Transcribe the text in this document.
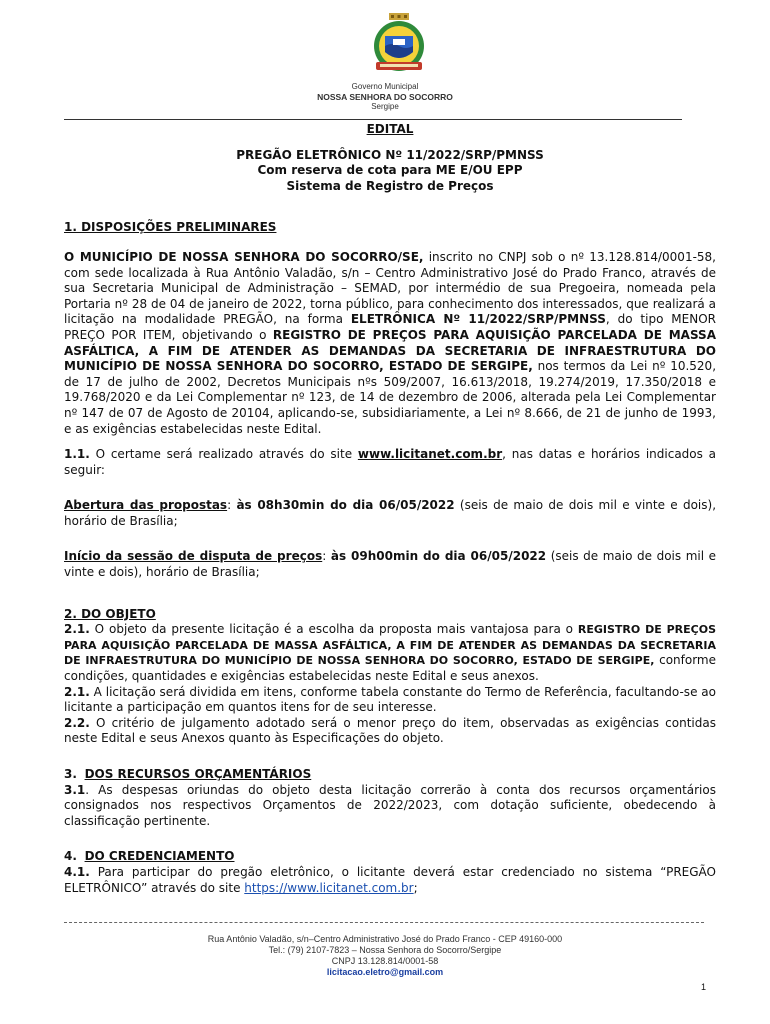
Governo Municipal
NOSSA SENHORA DO SOCORRO
Sergipe

EDITAL

PREGÃO ELETRÔNICO Nº 11/2022/SRP/PMNSS

Com reserva de cota para ME E/OU EPP

Sistema de Registro de Preços

1. DISPOSIÇÕES PRELIMINARES

O MUNICÍPIO DE NOSSA SENHORA DO SOCORRO/SE, inscrito no CNPJ sob o nº 13.128.814/0001-58, com sede localizada à Rua Antônio Valadão, s/n – Centro Administrativo José do Prado Franco, através de sua Secretaria Municipal de Administração – SEMAD, por intermédio de sua Pregoeira, nomeada pela Portaria nº 28 de 04 de janeiro de 2022, torna público, para conhecimento dos interessados, que realizará a licitação na modalidade PREGÃO, na forma ELETRÔNICA Nº 11/2022/SRP/PMNSS, do tipo MENOR PREÇO POR ITEM, objetivando o REGISTRO DE PREÇOS PARA AQUISIÇÃO PARCELADA DE MASSA ASFÁLTICA, A FIM DE ATENDER AS DEMANDAS DA SECRETARIA DE INFRAESTRUTURA DO MUNICÍPIO DE NOSSA SENHORA DO SOCORRO, ESTADO DE SERGIPE, nos termos da Lei nº 10.520, de 17 de julho de 2002, Decretos Municipais nºs 509/2007, 16.613/2018, 19.274/2019, 17.350/2018 e 19.768/2020 e da Lei Complementar nº 123, de 14 de dezembro de 2006, alterada pela Lei Complementar nº 147 de 07 de Agosto de 20104, aplicando-se, subsidiariamente, a Lei nº 8.666, de 21 de junho de 1993, e as exigências estabelecidas neste Edital.

1.1. O certame será realizado através do site www.licitanet.com.br, nas datas e horários indicados a seguir:

Abertura das propostas: às 08h30min do dia 06/05/2022 (seis de maio de dois mil e vinte e dois), horário de Brasília;

Início da sessão de disputa de preços: às 09h00min do dia 06/05/2022 (seis de maio de dois mil e vinte e dois), horário de Brasília;

2. DO OBJETO

2.1. O objeto da presente licitação é a escolha da proposta mais vantajosa para o REGISTRO DE PREÇOS PARA AQUISIÇÃO PARCELADA DE MASSA ASFÁLTICA, A FIM DE ATENDER AS DEMANDAS DA SECRETARIA DE INFRAESTRUTURA DO MUNICÍPIO DE NOSSA SENHORA DO SOCORRO, ESTADO DE SERGIPE, conforme condições, quantidades e exigências estabelecidas neste Edital e seus anexos.

2.1. A licitação será dividida em itens, conforme tabela constante do Termo de Referência, facultando-se ao licitante a participação em quantos itens for de seu interesse.

2.2. O critério de julgamento adotado será o menor preço do item, observadas as exigências contidas neste Edital e seus Anexos quanto às Especificações do objeto.

3. DOS RECURSOS ORÇAMENTÁRIOS

3.1. As despesas oriundas do objeto desta licitação correrão à conta dos recursos orçamentários consignados nos respectivos Orçamentos de 2022/2023, com dotação suficiente, obedecendo à classificação pertinente.

4. DO CREDENCIAMENTO

4.1. Para participar do pregão eletrônico, o licitante deverá estar credenciado no sistema “PREGÃO ELETRÔNICO” através do site https://www.licitanet.com.br;

Rua Antônio Valadão, s/n–Centro Administrativo José do Prado Franco - CEP 49160-000
Tel.: (79) 2107-7823 – Nossa Senhora do Socorro/Sergipe
CNPJ 13.128.814/0001-58
licitacao.eletro@gmail.com
1
